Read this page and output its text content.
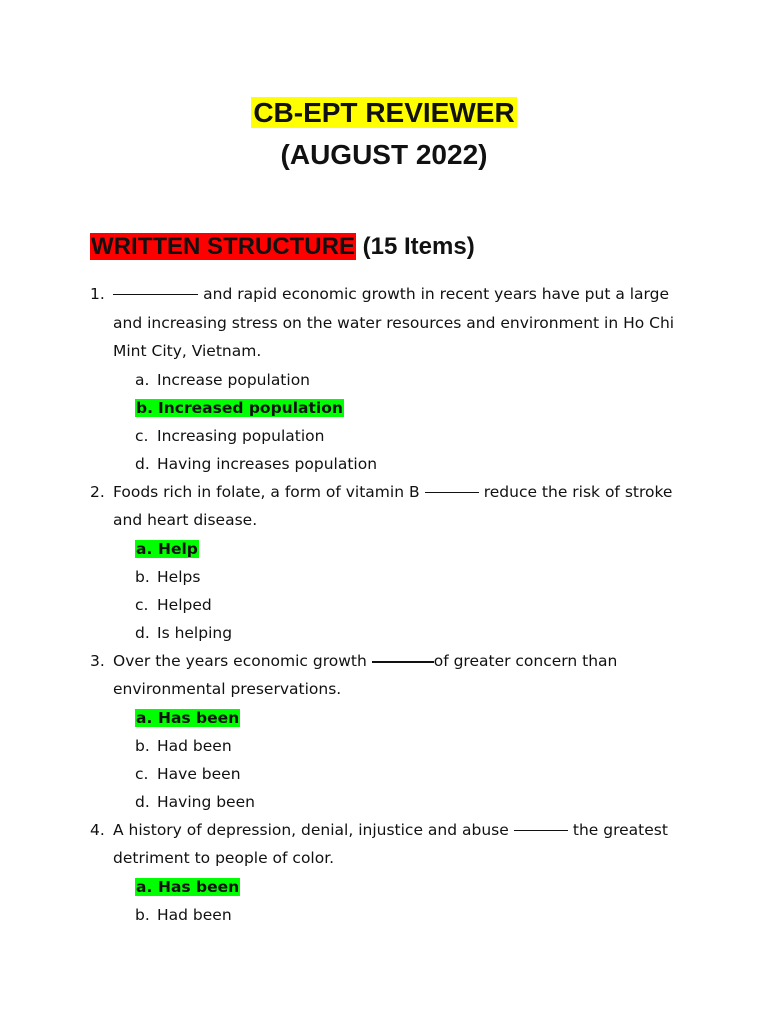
CB-EPT REVIEWER
(AUGUST 2022)
WRITTEN STRUCTURE (15 Items)
1.	and rapid economic growth in recent years have put a large and increasing stress on the water resources and environment in Ho Chi Mint City, Vietnam.
a. Increase population
b. Increased population
c. Increasing population
d. Having increases population
2. Foods rich in folate, a form of vitamin B	reduce the risk of stroke and heart disease.
a. Help
b. Helps
c. Helped
d. Is helping
3. Over the years economic growth	of greater concern than environmental preservations.
a. Has been
b. Had been
c. Have been
d. Having been
4. A history of depression, denial, injustice and abuse	the greatest detriment to people of color.
a. Has been
b. Had been
